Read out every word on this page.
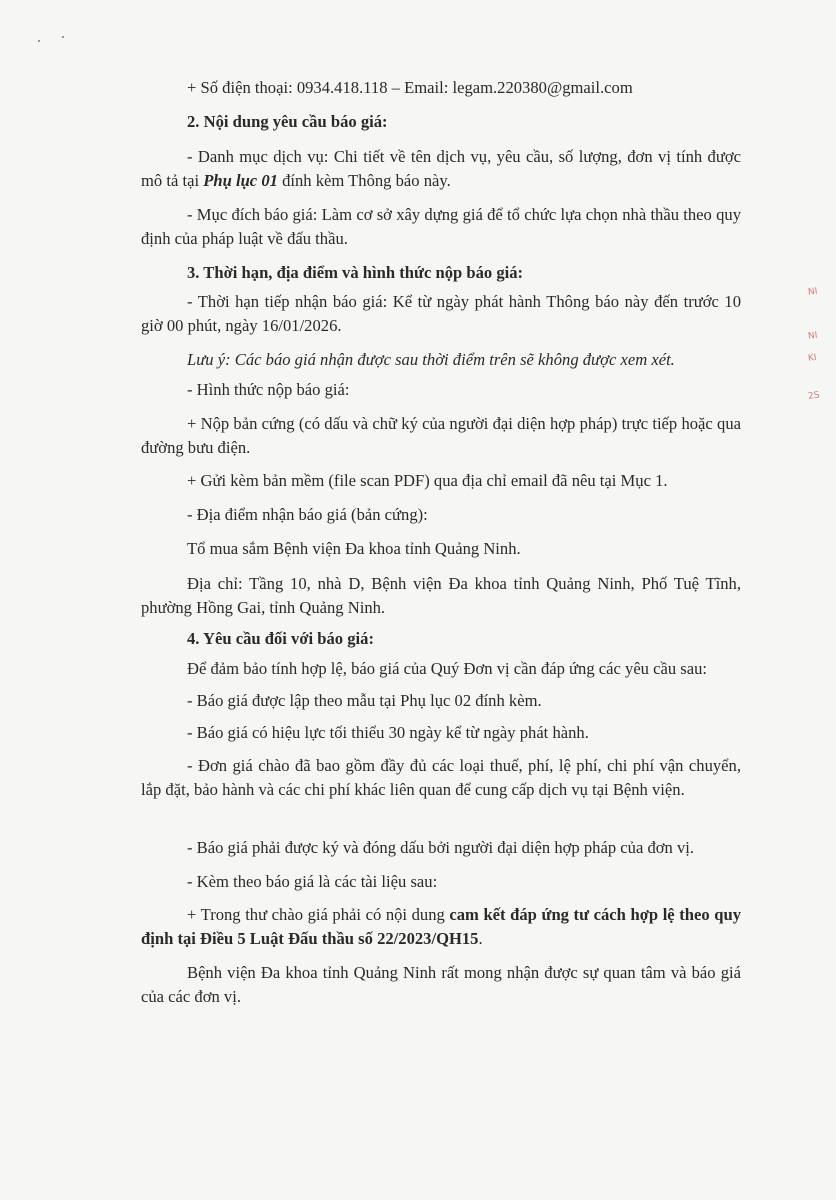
+ Số điện thoại: 0934.418.118 – Email: legam.220380@gmail.com

2. Nội dung yêu cầu báo giá:

- Danh mục dịch vụ: Chi tiết về tên dịch vụ, yêu cầu, số lượng, đơn vị tính được mô tả tại Phụ lục 01 đính kèm Thông báo này.

- Mục đích báo giá: Làm cơ sở xây dựng giá để tổ chức lựa chọn nhà thầu theo quy định của pháp luật về đấu thầu.

3. Thời hạn, địa điểm và hình thức nộp báo giá:

- Thời hạn tiếp nhận báo giá: Kể từ ngày phát hành Thông báo này đến trước 10 giờ 00 phút, ngày 16/01/2026.

Lưu ý: Các báo giá nhận được sau thời điểm trên sẽ không được xem xét.

- Hình thức nộp báo giá:

+ Nộp bản cứng (có dấu và chữ ký của người đại diện hợp pháp) trực tiếp hoặc qua đường bưu điện.

+ Gửi kèm bản mềm (file scan PDF) qua địa chỉ email đã nêu tại Mục 1.

- Địa điểm nhận báo giá (bản cứng):

Tổ mua sắm Bệnh viện Đa khoa tỉnh Quảng Ninh.

Địa chỉ: Tầng 10, nhà D, Bệnh viện Đa khoa tỉnh Quảng Ninh, Phố Tuệ Tĩnh, phường Hồng Gai, tỉnh Quảng Ninh.

4. Yêu cầu đối với báo giá:

Để đảm bảo tính hợp lệ, báo giá của Quý Đơn vị cần đáp ứng các yêu cầu sau:

- Báo giá được lập theo mẫu tại Phụ lục 02 đính kèm.

- Báo giá có hiệu lực tối thiểu 30 ngày kể từ ngày phát hành.

- Đơn giá chào đã bao gồm đầy đủ các loại thuế, phí, lệ phí, chi phí vận chuyển, lắp đặt, bảo hành và các chi phí khác liên quan để cung cấp dịch vụ tại Bệnh viện.

- Báo giá phải được ký và đóng dấu bởi người đại diện hợp pháp của đơn vị.

- Kèm theo báo giá là các tài liệu sau:

+ Trong thư chào giá phải có nội dung cam kết đáp ứng tư cách hợp lệ theo quy định tại Điều 5 Luật Đấu thầu số 22/2023/QH15.

Bệnh viện Đa khoa tỉnh Quảng Ninh rất mong nhận được sự quan tâm và báo giá của các đơn vị.

NI
NI
KI
2S
